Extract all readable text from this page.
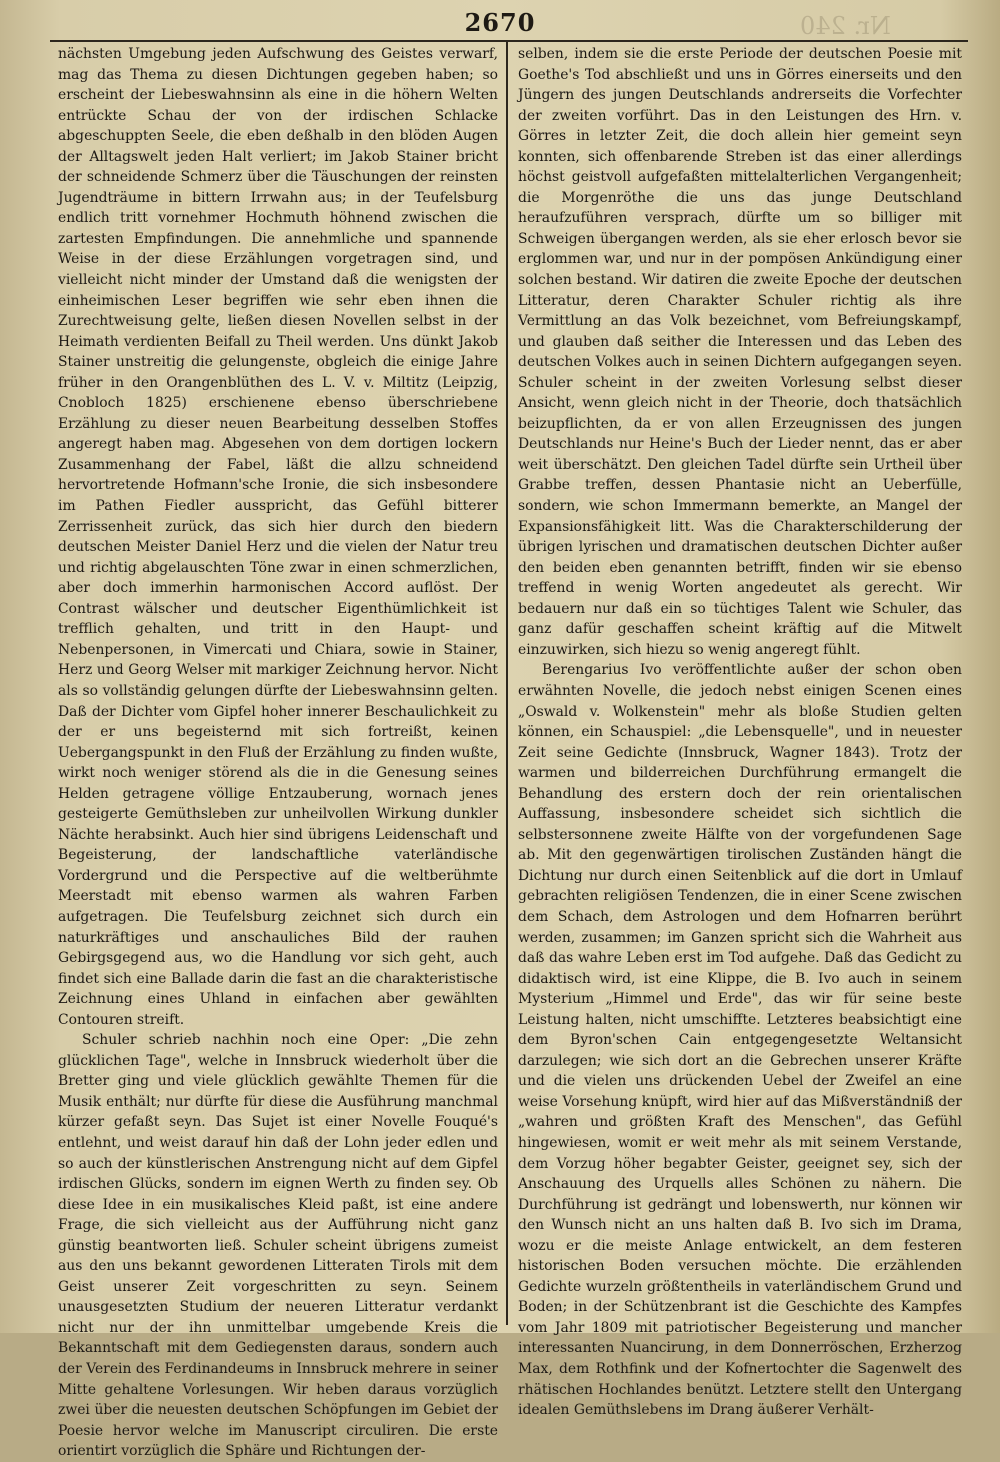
Nr. 240
2670

nächsten Umgebung jeden Aufschwung des Geistes verwarf, mag das Thema zu diesen Dichtungen gegeben haben; so erscheint der Liebeswahnsinn als eine in die höhern Welten entrückte Schau der von der irdischen Schlacke abgeschuppten Seele, die eben deßhalb in den blöden Augen der Alltagswelt jeden Halt verliert; im Jakob Stainer bricht der schneidende Schmerz über die Täuschungen der reinsten Jugendträume in bittern Irrwahn aus; in der Teufelsburg endlich tritt vornehmer Hochmuth höhnend zwischen die zartesten Empfindungen. Die annehmliche und spannende Weise in der diese Erzählungen vorgetragen sind, und vielleicht nicht minder der Umstand daß die wenigsten der einheimischen Leser begriffen wie sehr eben ihnen die Zurechtweisung gelte, ließen diesen Novellen selbst in der Heimath verdienten Beifall zu Theil werden. Uns dünkt Jakob Stainer unstreitig die gelungenste, obgleich die einige Jahre früher in den Orangenblüthen des L. V. v. Miltitz (Leipzig, Cnobloch 1825) erschienene ebenso überschriebene Erzählung zu dieser neuen Bearbeitung desselben Stoffes angeregt haben mag. Abgesehen von dem dortigen lockern Zusammenhang der Fabel, läßt die allzu schneidend hervortretende Hofmann'sche Ironie, die sich insbesondere im Pathen Fiedler ausspricht, das Gefühl bitterer Zerrissenheit zurück, das sich hier durch den biedern deutschen Meister Daniel Herz und die vielen der Natur treu und richtig abgelauschten Töne zwar in einen schmerzlichen, aber doch immerhin harmonischen Accord auflöst. Der Contrast wälscher und deutscher Eigenthümlichkeit ist trefflich gehalten, und tritt in den Haupt- und Nebenpersonen, in Vimercati und Chiara, sowie in Stainer, Herz und Georg Welser mit markiger Zeichnung hervor. Nicht als so vollständig gelungen dürfte der Liebeswahnsinn gelten. Daß der Dichter vom Gipfel hoher innerer Beschaulichkeit zu der er uns begeisternd mit sich fortreißt, keinen Uebergangspunkt in den Fluß der Erzählung zu finden wußte, wirkt noch weniger störend als die in die Genesung seines Helden getragene völlige Entzauberung, wornach jenes gesteigerte Gemüthsleben zur unheilvollen Wirkung dunkler Nächte herabsinkt. Auch hier sind übrigens Leidenschaft und Begeisterung, der landschaftliche vaterländische Vordergrund und die Perspective auf die weltberühmte Meerstadt mit ebenso warmen als wahren Farben aufgetragen. Die Teufelsburg zeichnet sich durch ein naturkräftiges und anschauliches Bild der rauhen Gebirgsgegend aus, wo die Handlung vor sich geht, auch findet sich eine Ballade darin die fast an die charakteristische Zeichnung eines Uhland in einfachen aber gewählten Contouren streift.

Schuler schrieb nachhin noch eine Oper: „Die zehn glücklichen Tage", welche in Innsbruck wiederholt über die Bretter ging und viele glücklich gewählte Themen für die Musik enthält; nur dürfte für diese die Ausführung manchmal kürzer gefaßt seyn. Das Sujet ist einer Novelle Fouqué's entlehnt, und weist darauf hin daß der Lohn jeder edlen und so auch der künstlerischen Anstrengung nicht auf dem Gipfel irdischen Glücks, sondern im eignen Werth zu finden sey. Ob diese Idee in ein musikalisches Kleid paßt, ist eine andere Frage, die sich vielleicht aus der Aufführung nicht ganz günstig beantworten ließ. Schuler scheint übrigens zumeist aus den uns bekannt gewordenen Litteraten Tirols mit dem Geist unserer Zeit vorgeschritten zu seyn. Seinem unausgesetzten Studium der neueren Litteratur verdankt nicht nur der ihn unmittelbar umgebende Kreis die Bekanntschaft mit dem Gediegensten daraus, sondern auch der Verein des Ferdinandeums in Innsbruck mehrere in seiner Mitte gehaltene Vorlesungen. Wir heben daraus vorzüglich zwei über die neuesten deutschen Schöpfungen im Gebiet der Poesie hervor welche im Manuscript circuliren. Die erste orientirt vorzüglich die Sphäre und Richtungen der-

selben, indem sie die erste Periode der deutschen Poesie mit Goethe's Tod abschließt und uns in Görres einerseits und den Jüngern des jungen Deutschlands andrerseits die Vorfechter der zweiten vorführt. Das in den Leistungen des Hrn. v. Görres in letzter Zeit, die doch allein hier gemeint seyn konnten, sich offenbarende Streben ist das einer allerdings höchst geistvoll aufgefaßten mittelalterlichen Vergangenheit; die Morgenröthe die uns das junge Deutschland heraufzuführen versprach, dürfte um so billiger mit Schweigen übergangen werden, als sie eher erlosch bevor sie erglommen war, und nur in der pompösen Ankündigung einer solchen bestand. Wir datiren die zweite Epoche der deutschen Litteratur, deren Charakter Schuler richtig als ihre Vermittlung an das Volk bezeichnet, vom Befreiungskampf, und glauben daß seither die Interessen und das Leben des deutschen Volkes auch in seinen Dichtern aufgegangen seyen. Schuler scheint in der zweiten Vorlesung selbst dieser Ansicht, wenn gleich nicht in der Theorie, doch thatsächlich beizupflichten, da er von allen Erzeugnissen des jungen Deutschlands nur Heine's Buch der Lieder nennt, das er aber weit überschätzt. Den gleichen Tadel dürfte sein Urtheil über Grabbe treffen, dessen Phantasie nicht an Ueberfülle, sondern, wie schon Immermann bemerkte, an Mangel der Expansionsfähigkeit litt. Was die Charakterschilderung der übrigen lyrischen und dramatischen deutschen Dichter außer den beiden eben genannten betrifft, finden wir sie ebenso treffend in wenig Worten angedeutet als gerecht. Wir bedauern nur daß ein so tüchtiges Talent wie Schuler, das ganz dafür geschaffen scheint kräftig auf die Mitwelt einzuwirken, sich hiezu so wenig angeregt fühlt.

Berengarius Ivo veröffentlichte außer der schon oben erwähnten Novelle, die jedoch nebst einigen Scenen eines „Oswald v. Wolkenstein" mehr als bloße Studien gelten können, ein Schauspiel: „die Lebensquelle", und in neuester Zeit seine Gedichte (Innsbruck, Wagner 1843). Trotz der warmen und bilderreichen Durchführung ermangelt die Behandlung des erstern doch der rein orientalischen Auffassung, insbesondere scheidet sich sichtlich die selbstersonnene zweite Hälfte von der vorgefundenen Sage ab. Mit den gegenwärtigen tirolischen Zuständen hängt die Dichtung nur durch einen Seitenblick auf die dort in Umlauf gebrachten religiösen Tendenzen, die in einer Scene zwischen dem Schach, dem Astrologen und dem Hofnarren berührt werden, zusammen; im Ganzen spricht sich die Wahrheit aus daß das wahre Leben erst im Tod aufgehe. Daß das Gedicht zu didaktisch wird, ist eine Klippe, die B. Ivo auch in seinem Mysterium „Himmel und Erde", das wir für seine beste Leistung halten, nicht umschiffte. Letzteres beabsichtigt eine dem Byron'schen Cain entgegengesetzte Weltansicht darzulegen; wie sich dort an die Gebrechen unserer Kräfte und die vielen uns drückenden Uebel der Zweifel an eine weise Vorsehung knüpft, wird hier auf das Mißverständniß der „wahren und größten Kraft des Menschen", das Gefühl hingewiesen, womit er weit mehr als mit seinem Verstande, dem Vorzug höher begabter Geister, geeignet sey, sich der Anschauung des Urquells alles Schönen zu nähern. Die Durchführung ist gedrängt und lobenswerth, nur können wir den Wunsch nicht an uns halten daß B. Ivo sich im Drama, wozu er die meiste Anlage entwickelt, an dem festeren historischen Boden versuchen möchte. Die erzählenden Gedichte wurzeln größtentheils in vaterländischem Grund und Boden; in der Schützenbrant ist die Geschichte des Kampfes vom Jahr 1809 mit patriotischer Begeisterung und mancher interessanten Nuancirung, in dem Donnerröschen, Erzherzog Max, dem Rothfink und der Kofnertochter die Sagenwelt des rhätischen Hochlandes benützt. Letztere stellt den Untergang idealen Gemüthslebens im Drang äußerer Verhält-
